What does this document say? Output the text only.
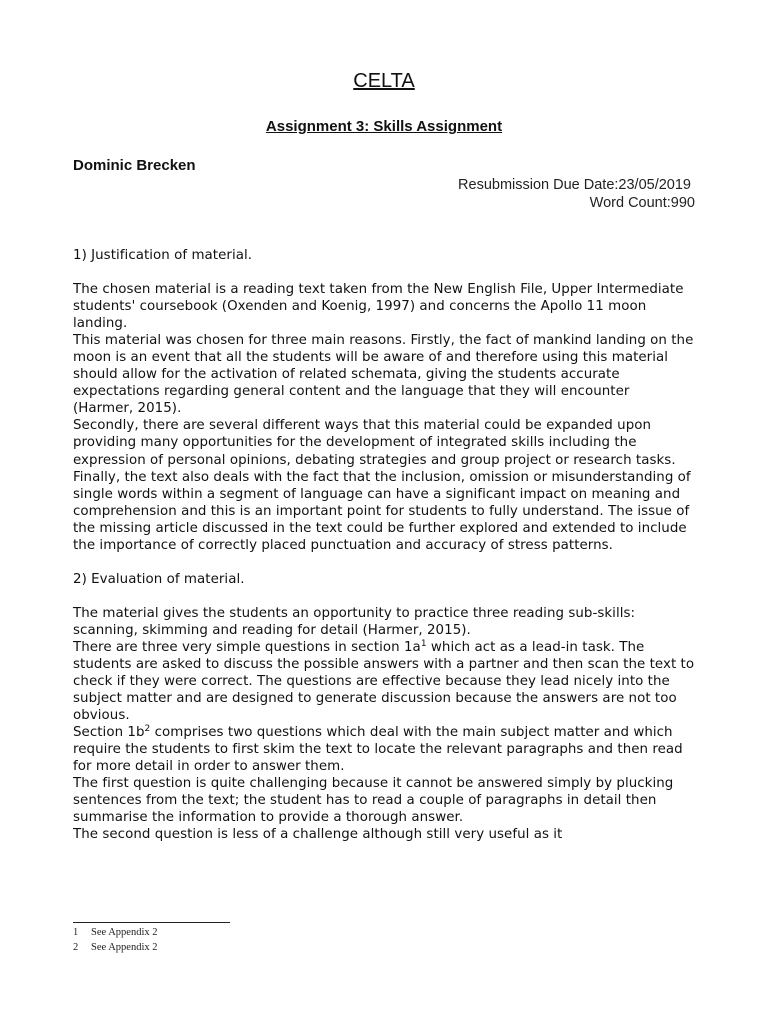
CELTA
Assignment 3: Skills Assignment
Dominic Brecken
Resubmission Due Date:23/05/2019
Word Count:990

1) Justification of material.

The chosen material is a reading text taken from the New English File, Upper Intermediate students' coursebook (Oxenden and Koenig, 1997) and concerns the Apollo 11 moon landing.

This material was chosen for three main reasons. Firstly, the fact of mankind landing on the moon is an event that all the students will be aware of and therefore using this material should allow for the activation of related schemata, giving the students accurate expectations regarding general content and the language that they will encounter

(Harmer, 2015).

Secondly, there are several different ways that this material could be expanded upon providing many opportunities for the development of integrated skills including the expression of personal opinions, debating strategies and group project or research tasks.

Finally, the text also deals with the fact that the inclusion, omission or misunderstanding of single words within a segment of language can have a significant impact on meaning and comprehension and this is an important point for students to fully understand. The issue of the missing article discussed in the text could be further explored and extended to include the importance of correctly placed punctuation and accuracy of stress patterns.

2) Evaluation of material.

The material gives the students an opportunity to practice three reading sub-skills: scanning, skimming and reading for detail (Harmer, 2015).

There are three very simple questions in section $1a^1$ which act as a lead-in task. The students are asked to discuss the possible answers with a partner and then scan the text to check if they were correct. The questions are effective because they lead nicely into the subject matter and are designed to generate discussion because the answers are not too obvious.

Section $1b^2$ comprises two questions which deal with the main subject matter and which require the students to first skim the text to locate the relevant paragraphs and then read for more detail in order to answer them.

The first question is quite challenging because it cannot be answered simply by plucking sentences from the text; the student has to read a couple of paragraphs in detail then summarise the information to provide a thorough answer.

The second question is less of a challenge although still very useful as it

1 See Appendix 2
2 See Appendix 2
